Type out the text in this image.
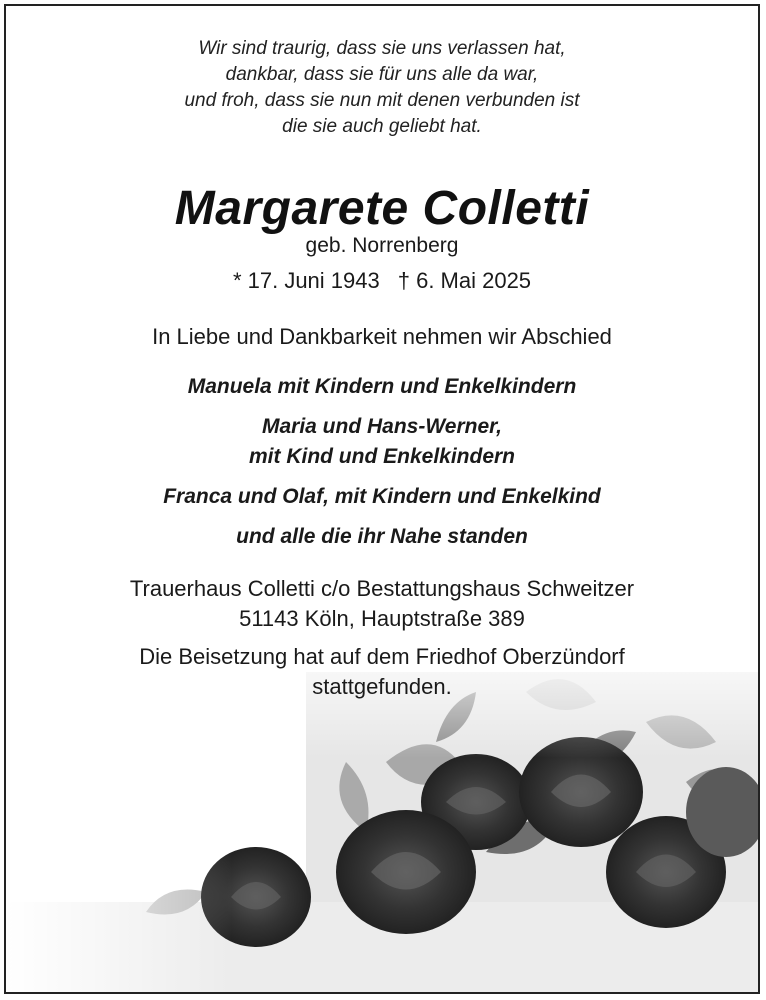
Wir sind traurig, dass sie uns verlassen hat,
dankbar, dass sie für uns alle da war,
und froh, dass sie nun mit denen verbunden ist
die sie auch geliebt hat.
Margarete Colletti
geb. Norrenberg
* 17. Juni 1943 † 6. Mai 2025
In Liebe und Dankbarkeit nehmen wir Abschied
Manuela mit Kindern und Enkelkindern
Maria und Hans-Werner,
mit Kind und Enkelkindern
Franca und Olaf, mit Kindern und Enkelkind
und alle die ihr Nahe standen
Trauerhaus Colletti c/o Bestattungshaus Schweitzer
51143 Köln, Hauptstraße 389
Die Beisetzung hat auf dem Friedhof Oberzündorf
stattgefunden.
